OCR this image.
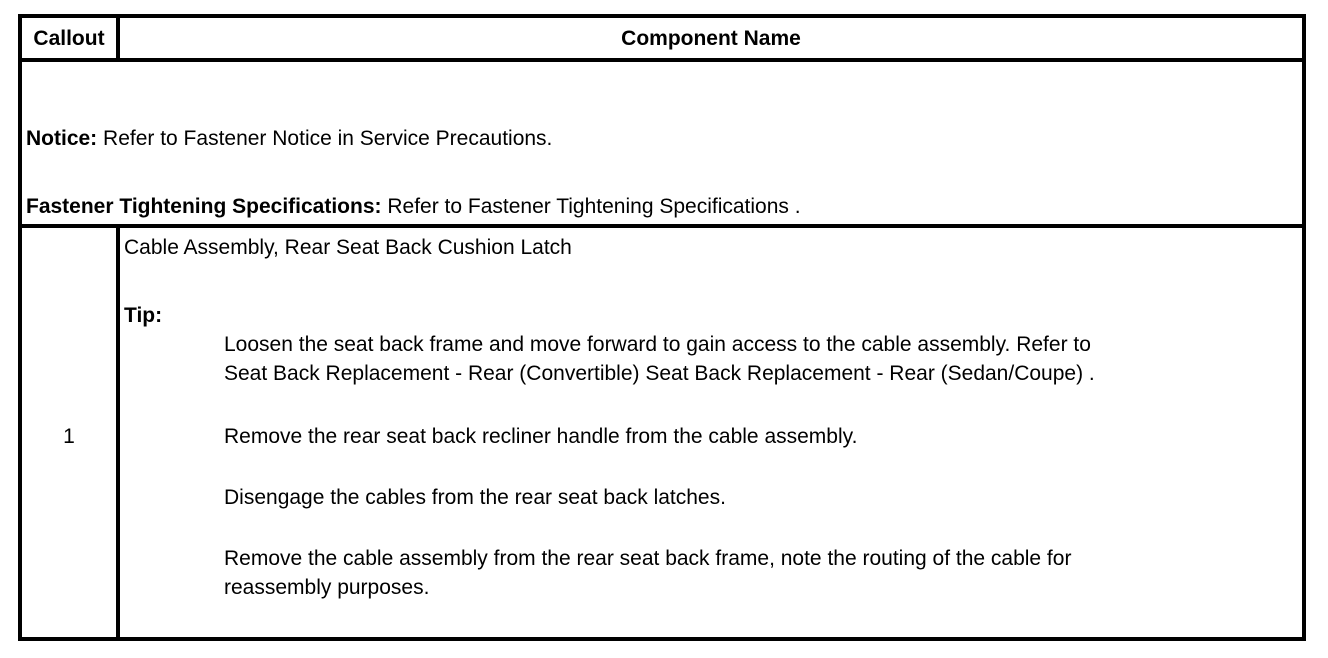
Callout	Component Name
Notice: Refer to Fastener Notice in Service Precautions.
Fastener Tightening Specifications: Refer to Fastener Tightening Specifications .
1
Cable Assembly, Rear Seat Back Cushion Latch
Tip:
Loosen the seat back frame and move forward to gain access to the cable assembly. Refer to
Seat Back Replacement - Rear (Convertible) Seat Back Replacement - Rear (Sedan/Coupe) .
Remove the rear seat back recliner handle from the cable assembly.
Disengage the cables from the rear seat back latches.
Remove the cable assembly from the rear seat back frame, note the routing of the cable for
reassembly purposes.
